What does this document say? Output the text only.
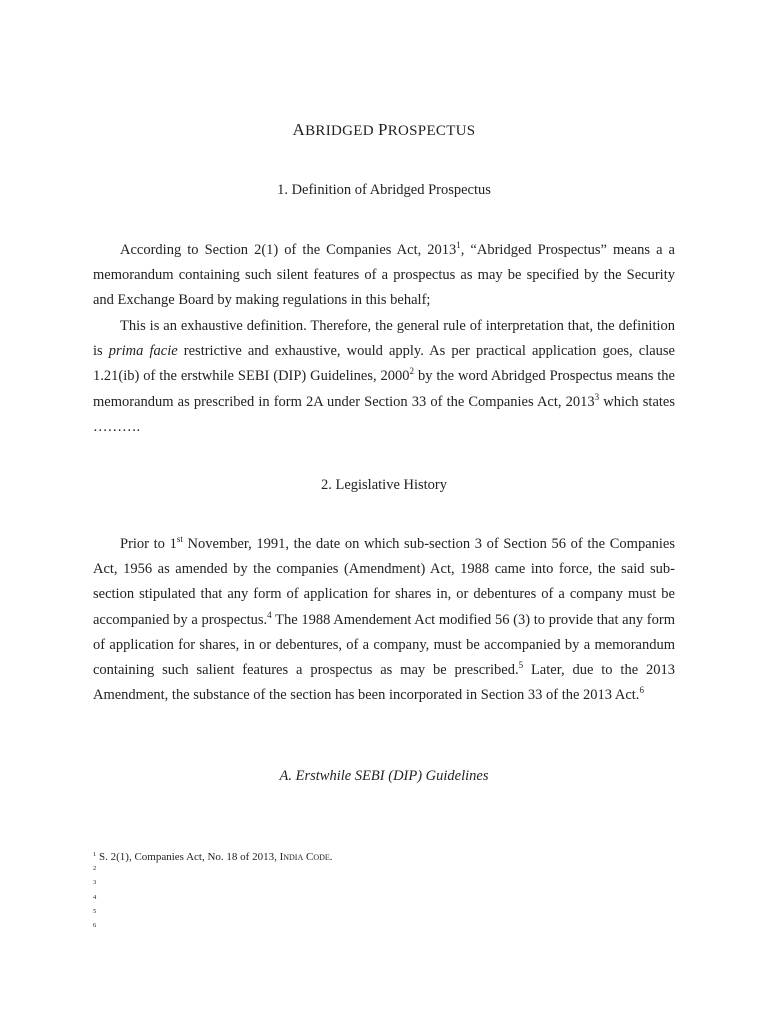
ABRIDGED PROSPECTUS
1. Definition of Abridged Prospectus

According to Section 2(1) of the Companies Act, 2013$^1$, “Abridged Prospectus” means a a memorandum containing such silent features of a prospectus as may be specified by the Security and Exchange Board by making regulations in this behalf;

This is an exhaustive definition. Therefore, the general rule of interpretation that, the definition is prima facie restrictive and exhaustive, would apply. As per practical application goes, clause 1.21(ib) of the erstwhile SEBI (DIP) Guidelines, 2000$^2$ by the word Abridged Prospectus means the memorandum as prescribed in form 2A under Section 33 of the Companies Act, 2013$^3$ which states ……….

2. Legislative History

Prior to 1st November, 1991, the date on which sub-section 3 of Section 56 of the Companies Act, 1956 as amended by the companies (Amendment) Act, 1988 came into force, the said sub-section stipulated that any form of application for shares in, or debentures of a company must be accompanied by a prospectus.$^4$ The 1988 Amendement Act modified 56 (3) to provide that any form of application for shares, in or debentures, of a company, must be accompanied by a memorandum containing such salient features a prospectus as may be prescribed.$^5$ Later, due to the 2013 Amendment, the substance of the section has been incorporated in Section 33 of the 2013 Act.$^6$

A. Erstwhile SEBI (DIP) Guidelines
$^1$ S. 2(1), Companies Act, No. 18 of 2013, India Code.
$^2$
$^3$
$^4$
$^5$
$^6$
